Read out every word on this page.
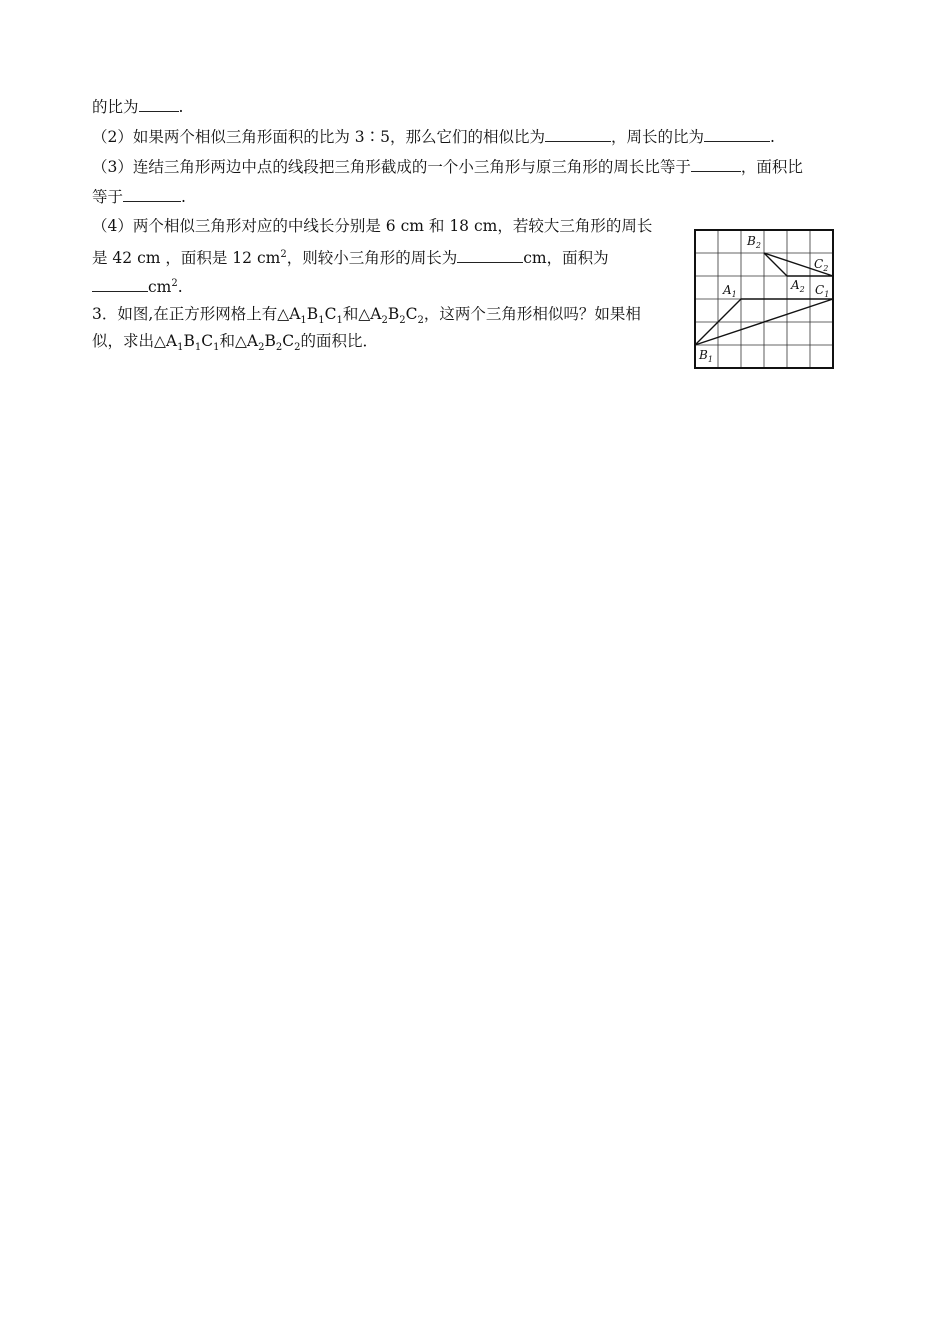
的比为	.
（2）如果两个相似三角形面积的比为 3∶5，那么它们的相似比为	，周长的比为	.
（3）连结三角形两边中点的线段把三角形截成的一个小三角形与原三角形的周长比等于	，面积比
等于	.
（4）两个相似三角形对应的中线长分别是 6 cm 和 18 cm，若较大三角形的周长
是 42 cm ，面积是 12 $cm^2$，则较小三角形的周长为	cm，面积为
$cm^2$.
3．如图,在正方形网格上有$\triangle A_1B_1C_1$和$\triangle A_2B_2C_2$，这两个三角形相似吗？如果相
似，求出$\triangle A_1B_1C_1$和$\triangle A_2B_2C_2$的面积比．
$B_2$
$C_2$
$A_2$ $C_1$
$A_1$
$B_1$
